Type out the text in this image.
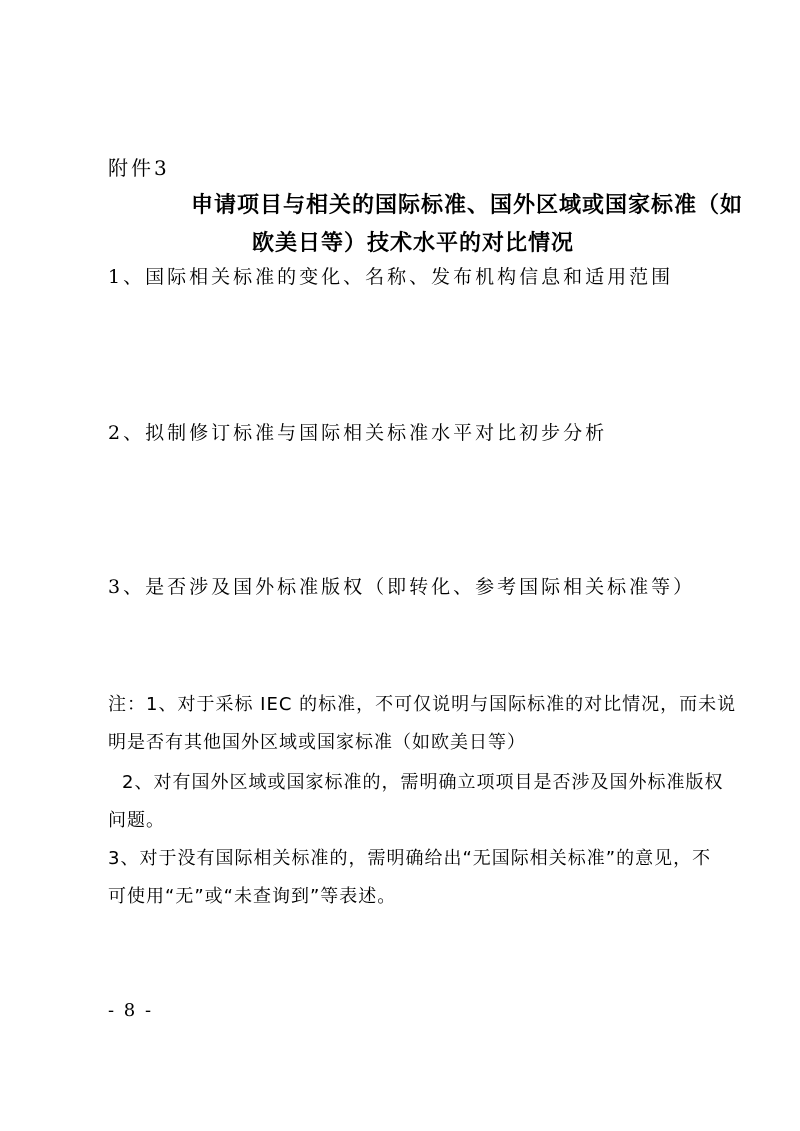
附件3
申请项目与相关的国际标准、国外区域或国家标准（如
欧美日等）技术水平的对比情况
1、国际相关标准的变化、名称、发布机构信息和适用范围
2、拟制修订标准与国际相关标准水平对比初步分析
3、是否涉及国外标准版权（即转化、参考国际相关标准等）
注：1、对于采标 IEC 的标准，不可仅说明与国际标准的对比情况，而未说
明是否有其他国外区域或国家标准（如欧美日等）
2、对有国外区域或国家标准的，需明确立项项目是否涉及国外标准版权
问题。
3、对于没有国际相关标准的，需明确给出“无国际相关标准”的意见，不
可使用“无”或“未查询到”等表述。
- 8 -
